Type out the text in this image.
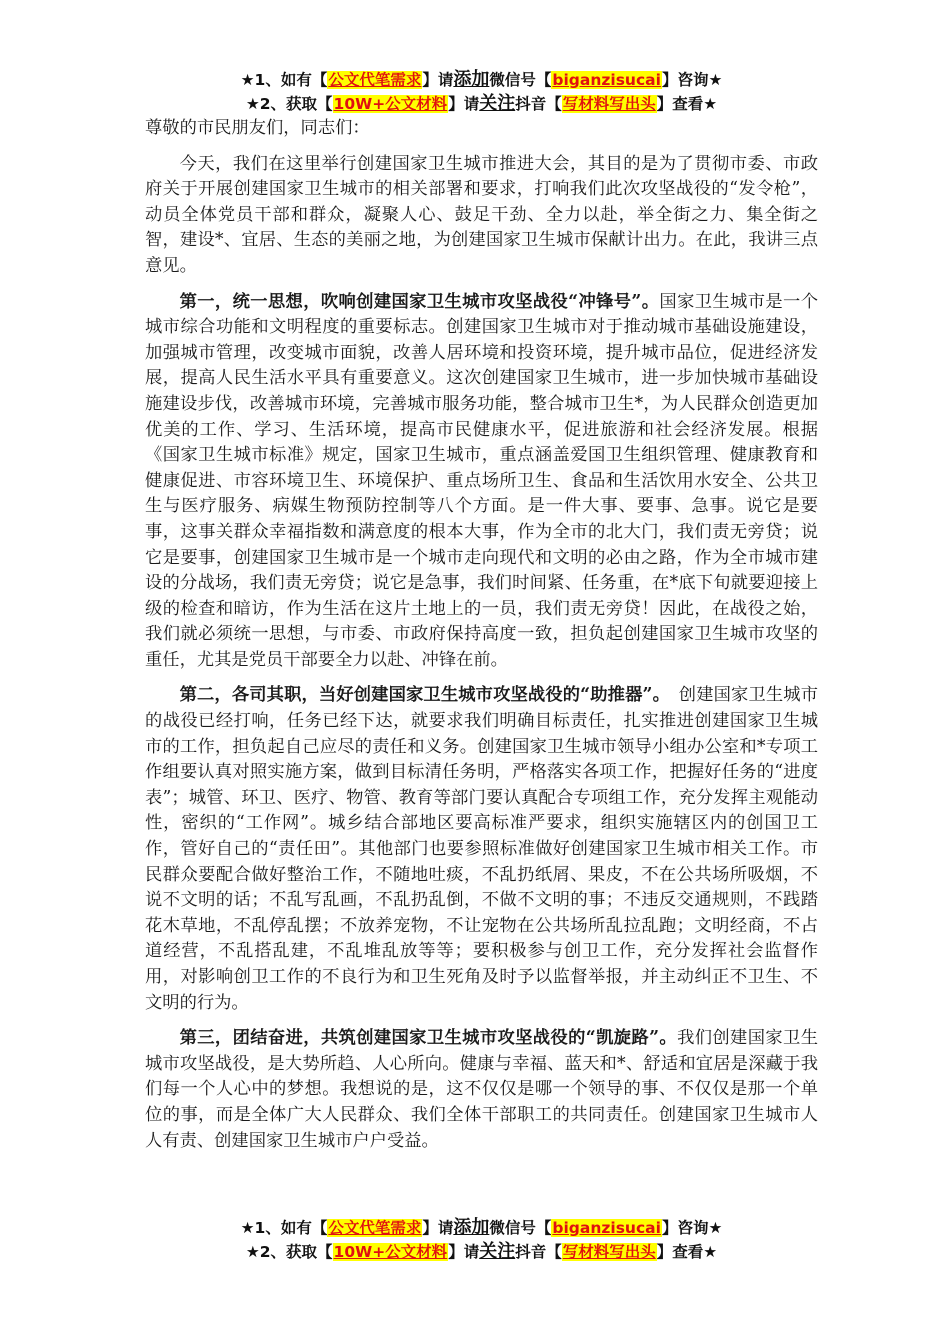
★1、如有【公文代笔需求】请添加微信号【biganzisucai】咨询★
★2、获取【10W+公文材料】请关注抖音【写材料写出头】查看★

尊敬的市民朋友们，同志们：

今天，我们在这里举行创建国家卫生城市推进大会，其目的是为了贯彻市委、市政府关于开展创建国家卫生城市的相关部署和要求，打响我们此次攻坚战役的“发令枪”，动员全体党员干部和群众，凝聚人心、鼓足干劲、全力以赴，举全街之力、集全街之智，建设*、宜居、生态的美丽之地，为创建国家卫生城市保献计出力。在此，我讲三点意见。

第一，统一思想，吹响创建国家卫生城市攻坚战役“冲锋号”。国家卫生城市是一个城市综合功能和文明程度的重要标志。创建国家卫生城市对于推动城市基础设施建设，加强城市管理，改变城市面貌，改善人居环境和投资环境，提升城市品位，促进经济发展，提高人民生活水平具有重要意义。这次创建国家卫生城市，进一步加快城市基础设施建设步伐，改善城市环境，完善城市服务功能，整合城市卫生*，为人民群众创造更加优美的工作、学习、生活环境，提高市民健康水平，促进旅游和社会经济发展。根据《国家卫生城市标准》规定，国家卫生城市，重点涵盖爱国卫生组织管理、健康教育和健康促进、市容环境卫生、环境保护、重点场所卫生、食品和生活饮用水安全、公共卫生与医疗服务、病媒生物预防控制等八个方面。是一件大事、要事、急事。说它是要事，这事关群众幸福指数和满意度的根本大事，作为全市的北大门，我们责无旁贷；说它是要事，创建国家卫生城市是一个城市走向现代和文明的必由之路，作为全市城市建设的分战场，我们责无旁贷；说它是急事，我们时间紧、任务重，在*底下旬就要迎接上级的检查和暗访，作为生活在这片土地上的一员，我们责无旁贷！因此，在战役之始，我们就必须统一思想，与市委、市政府保持高度一致，担负起创建国家卫生城市攻坚的重任，尤其是党员干部要全力以赴、冲锋在前。

第二，各司其职，当好创建国家卫生城市攻坚战役的“助推器”。　创建国家卫生城市的战役已经打响，任务已经下达，就要求我们明确目标责任，扎实推进创建国家卫生城市的工作，担负起自己应尽的责任和义务。创建国家卫生城市领导小组办公室和*专项工作组要认真对照实施方案，做到目标清任务明，严格落实各项工作，把握好任务的“进度表”；城管、环卫、医疗、物管、教育等部门要认真配合专项组工作，充分发挥主观能动性，密织的“工作网”。城乡结合部地区要高标准严要求，组织实施辖区内的创国卫工作，管好自己的“责任田”。其他部门也要参照标准做好创建国家卫生城市相关工作。市民群众要配合做好整治工作，不随地吐痰，不乱扔纸屑、果皮，不在公共场所吸烟，不说不文明的话；不乱写乱画，不乱扔乱倒，不做不文明的事；不违反交通规则，不践踏花木草地，不乱停乱摆；不放养宠物，不让宠物在公共场所乱拉乱跑；文明经商，不占道经营，不乱搭乱建，不乱堆乱放等等；要积极参与创卫工作，充分发挥社会监督作用，对影响创卫工作的不良行为和卫生死角及时予以监督举报，并主动纠正不卫生、不文明的行为。

第三，团结奋进，共筑创建国家卫生城市攻坚战役的“凯旋路”。我们创建国家卫生城市攻坚战役，是大势所趋、人心所向。健康与幸福、蓝天和*、舒适和宜居是深藏于我们每一个人心中的梦想。我想说的是，这不仅仅是哪一个领导的事、不仅仅是那一个单位的事，而是全体广大人民群众、我们全体干部职工的共同责任。创建国家卫生城市人人有责、创建国家卫生城市户户受益。

★1、如有【公文代笔需求】请添加微信号【biganzisucai】咨询★
★2、获取【10W+公文材料】请关注抖音【写材料写出头】查看★
